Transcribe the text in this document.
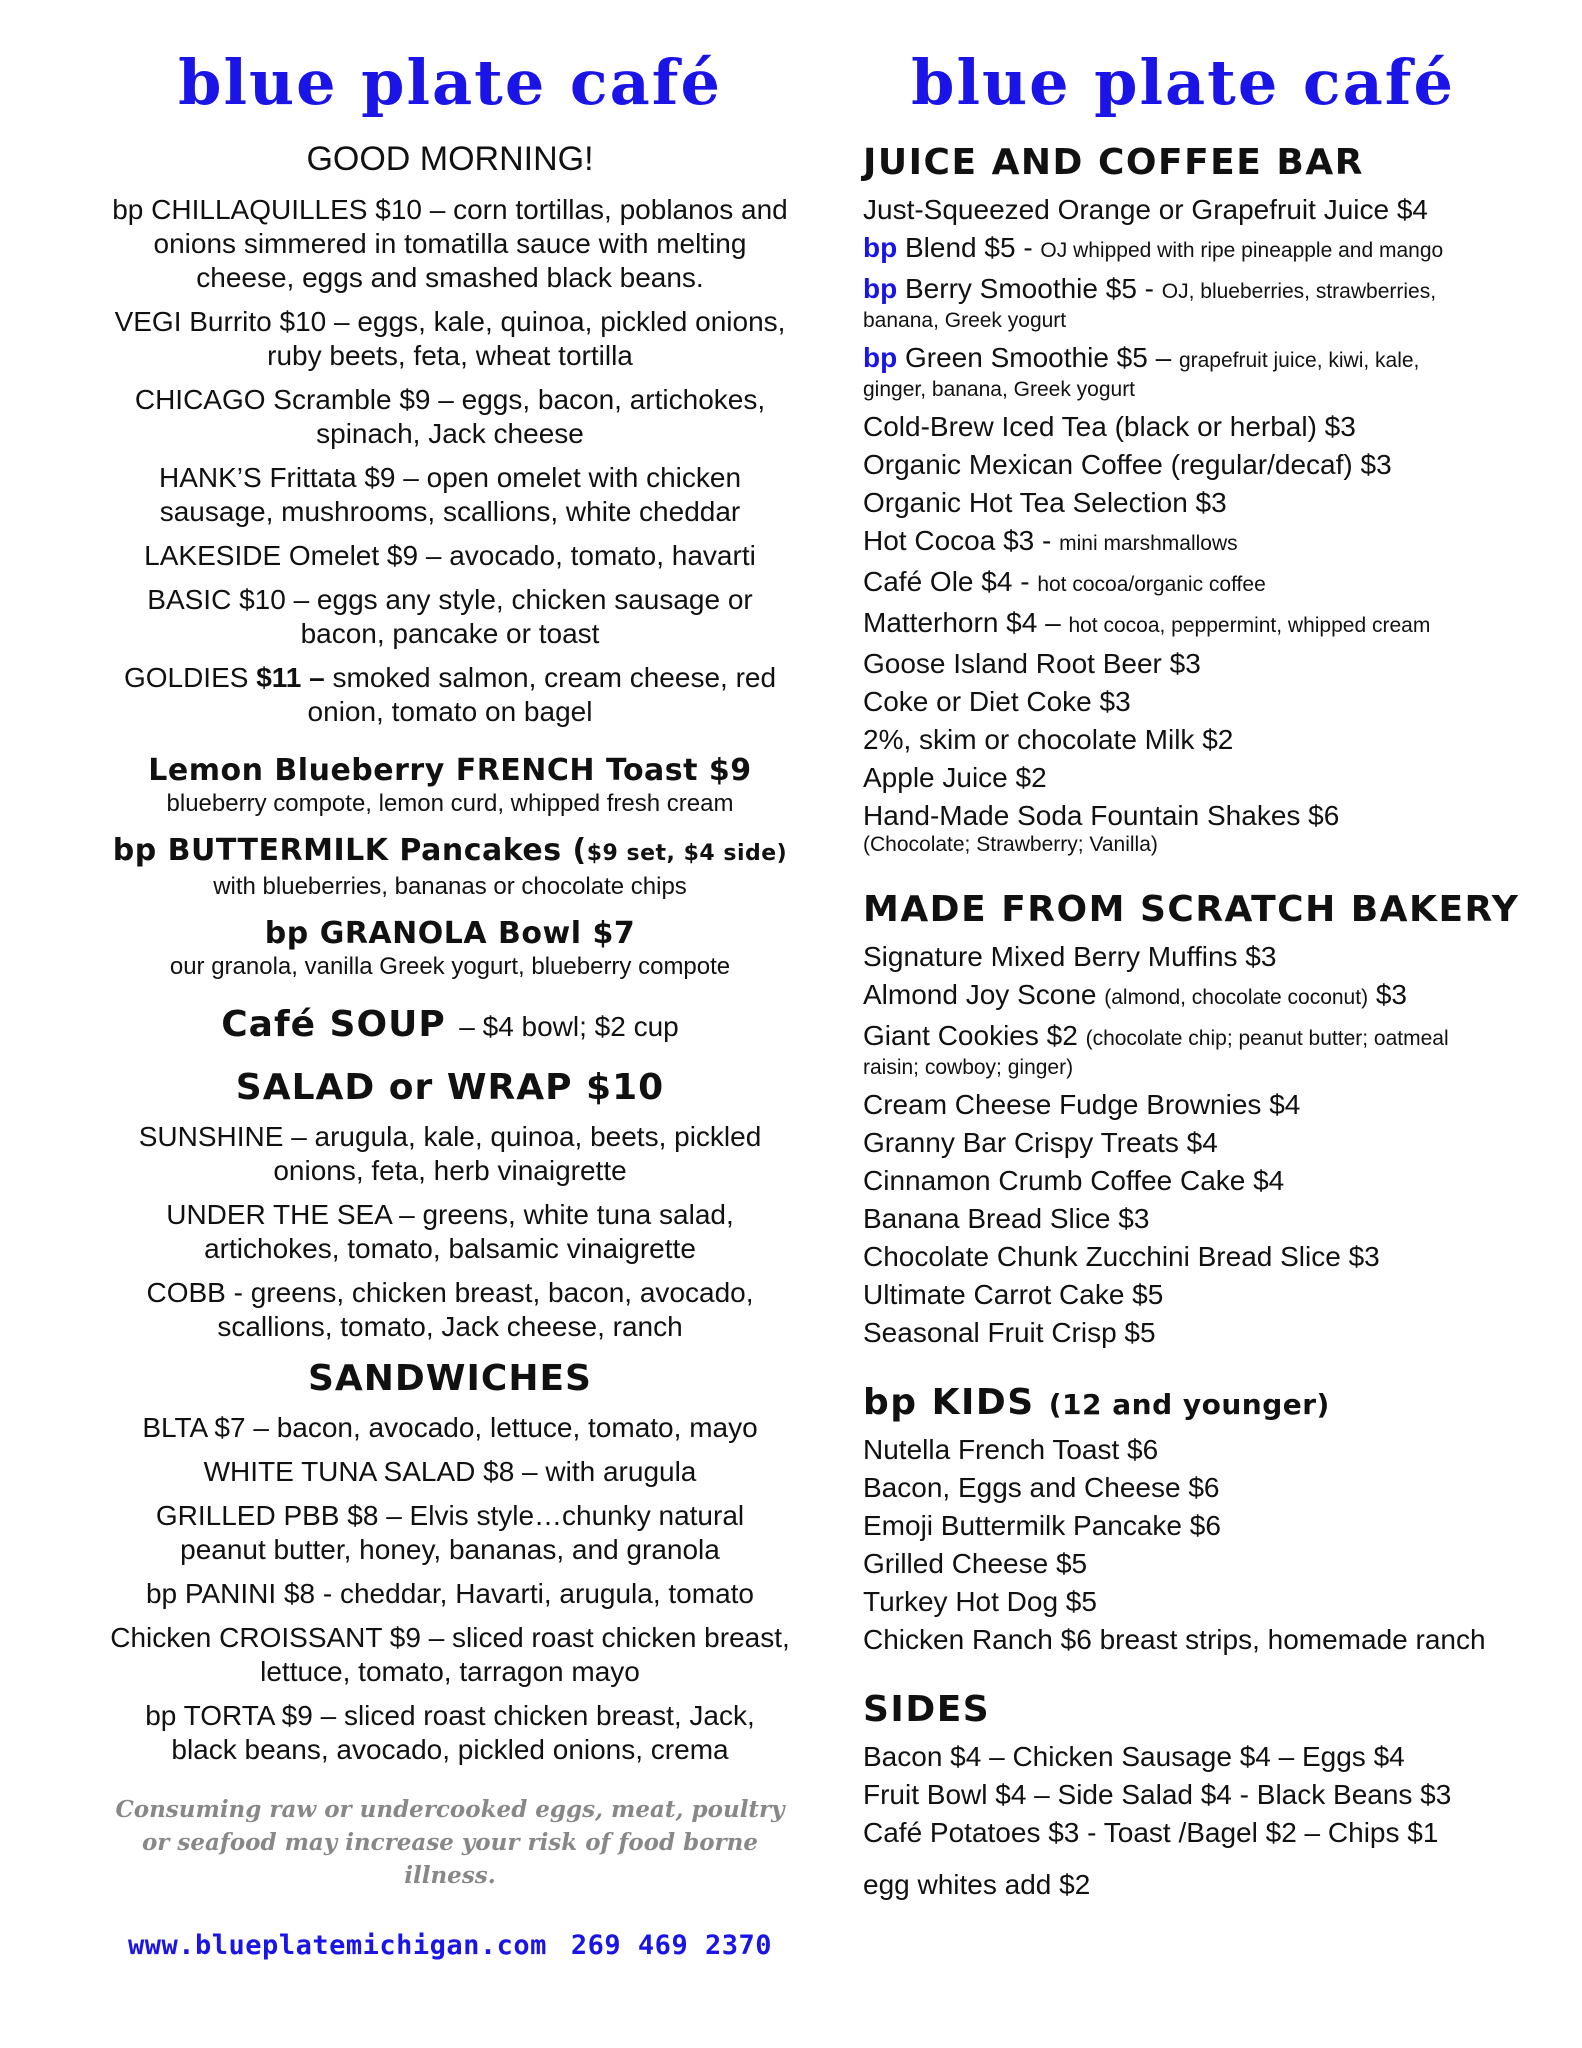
blue plate café
GOOD MORNING!
bp CHILLAQUILLES $10 – corn tortillas, poblanos and onions simmered in tomatilla sauce with melting cheese, eggs and smashed black beans.
VEGI Burrito $10 – eggs, kale, quinoa, pickled onions, ruby beets, feta, wheat tortilla
CHICAGO Scramble $9 – eggs, bacon, artichokes, spinach, Jack cheese
HANK’S Frittata $9 – open omelet with chicken sausage, mushrooms, scallions, white cheddar
LAKESIDE Omelet $9 – avocado, tomato, havarti
BASIC $10 – eggs any style, chicken sausage or bacon, pancake or toast
GOLDIES $11 – smoked salmon, cream cheese, red onion, tomato on bagel
Lemon Blueberry FRENCH Toast $9
blueberry compote, lemon curd, whipped fresh cream
bp BUTTERMILK Pancakes ($9 set, $4 side)
with blueberries, bananas or chocolate chips
bp GRANOLA Bowl $7
our granola, vanilla Greek yogurt, blueberry compote
Café SOUP – $4 bowl; $2 cup
SALAD or WRAP $10
SUNSHINE – arugula, kale, quinoa, beets, pickled onions, feta, herb vinaigrette
UNDER THE SEA – greens, white tuna salad, artichokes, tomato, balsamic vinaigrette
COBB - greens, chicken breast, bacon, avocado, scallions, tomato, Jack cheese, ranch
SANDWICHES
BLTA $7 – bacon, avocado, lettuce, tomato, mayo
WHITE TUNA SALAD $8 – with arugula
GRILLED PBB $8 – Elvis style…chunky natural peanut butter, honey, bananas, and granola
bp PANINI $8 - cheddar, Havarti, arugula, tomato
Chicken CROISSANT $9 – sliced roast chicken breast, lettuce, tomato, tarragon mayo
bp TORTA $9 – sliced roast chicken breast, Jack, black beans, avocado, pickled onions, crema
Consuming raw or undercooked eggs, meat, poultry or seafood may increase your risk of food borne illness.
www.blueplatemichigan.com 269 469 2370
blue plate café
JUICE AND COFFEE BAR
Just-Squeezed Orange or Grapefruit Juice $4
bp Blend $5 - OJ whipped with ripe pineapple and mango
bp Berry Smoothie $5 - OJ, blueberries, strawberries,
banana, Greek yogurt
bp Green Smoothie $5 – grapefruit juice, kiwi, kale,
ginger, banana, Greek yogurt
Cold-Brew Iced Tea (black or herbal) $3
Organic Mexican Coffee (regular/decaf) $3
Organic Hot Tea Selection $3
Hot Cocoa $3 - mini marshmallows
Café Ole $4 - hot cocoa/organic coffee
Matterhorn $4 – hot cocoa, peppermint, whipped cream
Goose Island Root Beer $3
Coke or Diet Coke $3
2%, skim or chocolate Milk $2
Apple Juice $2
Hand-Made Soda Fountain Shakes $6
(Chocolate; Strawberry; Vanilla)
MADE FROM SCRATCH BAKERY
Signature Mixed Berry Muffins $3
Almond Joy Scone (almond, chocolate coconut) $3
Giant Cookies $2 (chocolate chip; peanut butter; oatmeal
raisin; cowboy; ginger)
Cream Cheese Fudge Brownies $4
Granny Bar Crispy Treats $4
Cinnamon Crumb Coffee Cake $4
Banana Bread Slice $3
Chocolate Chunk Zucchini Bread Slice $3
Ultimate Carrot Cake $5
Seasonal Fruit Crisp $5
bp KIDS (12 and younger)
Nutella French Toast $6
Bacon, Eggs and Cheese $6
Emoji Buttermilk Pancake $6
Grilled Cheese $5
Turkey Hot Dog $5
Chicken Ranch $6 breast strips, homemade ranch
SIDES
Bacon $4 – Chicken Sausage $4 – Eggs $4
Fruit Bowl $4 – Side Salad $4 - Black Beans $3
Café Potatoes $3 - Toast /Bagel $2 – Chips $1
egg whites add $2
